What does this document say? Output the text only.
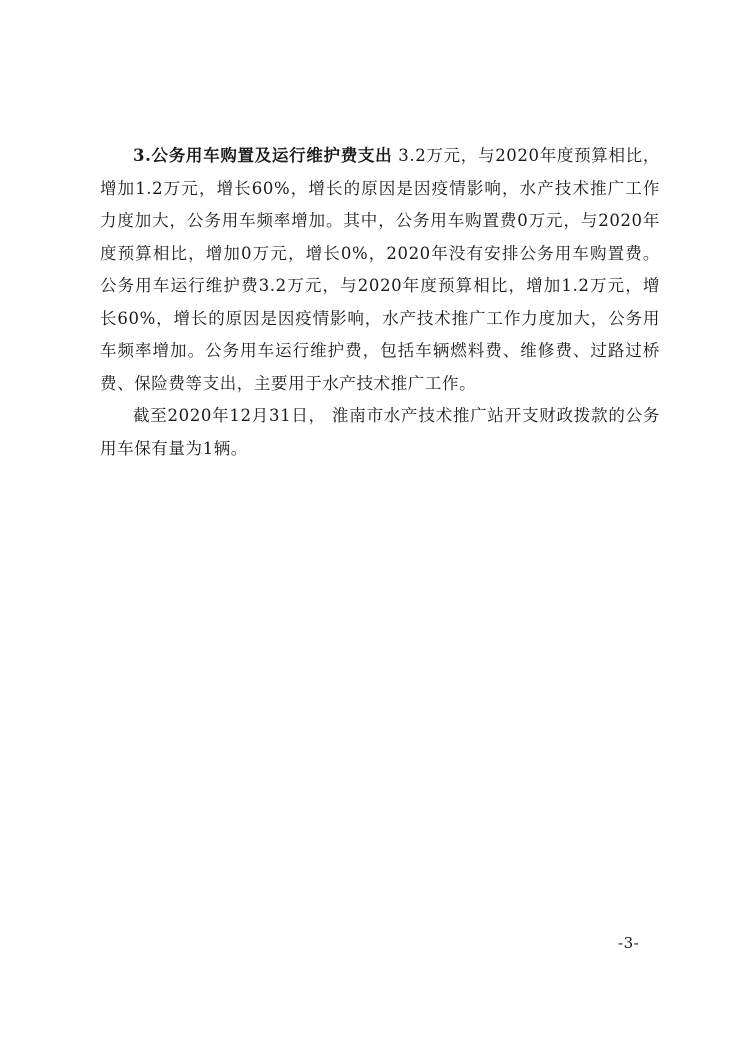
3.公务用车购置及运行维护费支出 3.2万元，与2020年度预算相比，增加1.2万元，增长60%，增长的原因是因疫情影响，水产技术推广工作力度加大，公务用车频率增加。其中，公务用车购置费0万元，与2020年度预算相比，增加0万元，增长0%，2020年没有安排公务用车购置费。公务用车运行维护费3.2万元，与2020年度预算相比，增加1.2万元，增长60%，增长的原因是因疫情影响，水产技术推广工作力度加大，公务用车频率增加。公务用车运行维护费，包括车辆燃料费、维修费、过路过桥费、保险费等支出，主要用于水产技术推广工作。

截至2020年12月31日， 淮南市水产技术推广站开支财政拨款的公务用车保有量为1辆。

-3-
